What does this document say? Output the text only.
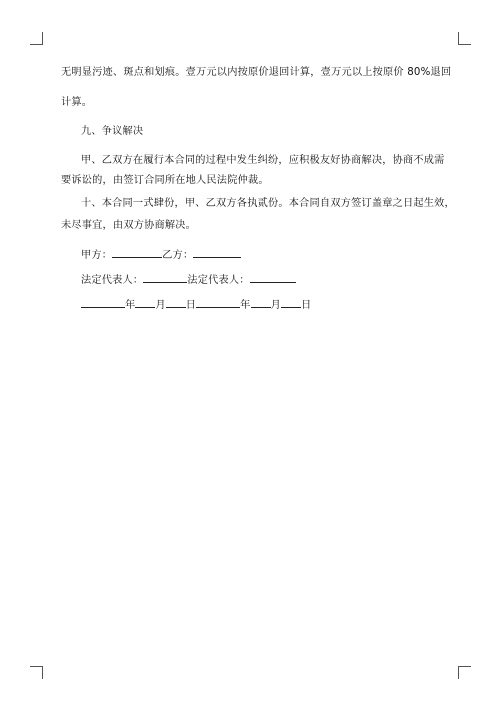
无明显污迹、斑点和划痕。壹万元以内按原价退回计算，壹万元以上按原价 80%退回
计算。
九、争议解决
甲、乙双方在履行本合同的过程中发生纠纷，应积极友好协商解决，协商不成需
要诉讼的，由签订合同所在地人民法院仲裁。
十、本合同一式肆份，甲、乙双方各执贰份。本合同自双方签订盖章之日起生效，
未尽事宜，由双方协商解决。
甲方：	乙方：
法定代表人：	法定代表人：
年 月 日	年 月 日
